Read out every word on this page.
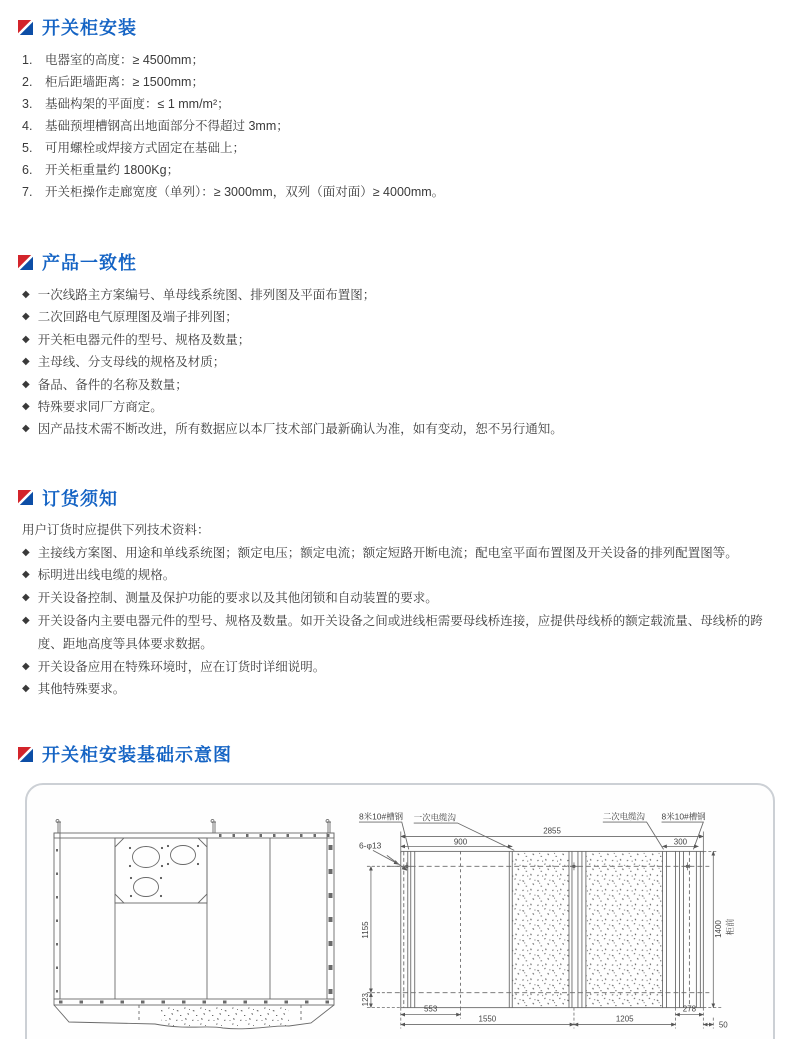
开关柜安装
1. 电器室的高度：≥ 4500mm；
2. 柜后距墙距离：≥ 1500mm；
3. 基础构架的平面度：≤ 1 mm/m²；
4. 基础预埋槽钢高出地面部分不得超过 3mm；
5. 可用螺栓或焊接方式固定在基础上；
6. 开关柜重量约 1800Kg；
7. 开关柜操作走廊宽度（单列）：≥ 3000mm，双列（面对面）≥ 4000mm。
产品一致性
◆ 一次线路主方案编号、单母线系统图、排列图及平面布置图；
◆ 二次回路电气原理图及端子排列图；
◆ 开关柜电器元件的型号、规格及数量；
◆ 主母线、分支母线的规格及材质；
◆ 备品、备件的名称及数量；
◆ 特殊要求同厂方商定。
◆ 因产品技术需不断改进，所有数据应以本厂技术部门最新确认为准，如有变动，恕不另行通知。
订货须知

用户订货时应提供下列技术资料：

◆ 主接线方案图、用途和单线系统图；额定电压；额定电流；额定短路开断电流；配电室平面布置图及开关设备的排列配置图等。
◆ 标明进出线电缆的规格。
◆ 开关设备控制、测量及保护功能的要求以及其他闭锁和自动装置的要求。
◆ 开关设备内主要电器元件的型号、规格及数量。如开关设备之间或进线柜需要母线桥连接，应提供母线桥的额定载流量、母线桥的跨度、距地高度等具体要求数据。
◆ 开关设备应用在特殊环境时，应在订货时详细说明。
◆ 其他特殊要求。
开关柜安装基础示意图
8米10#槽钢 一次电缆沟	二次电缆沟 8米10#槽钢
6-φ13
柜前
2855
900	300
1155
123
1400
553
1550	1205
278
50
